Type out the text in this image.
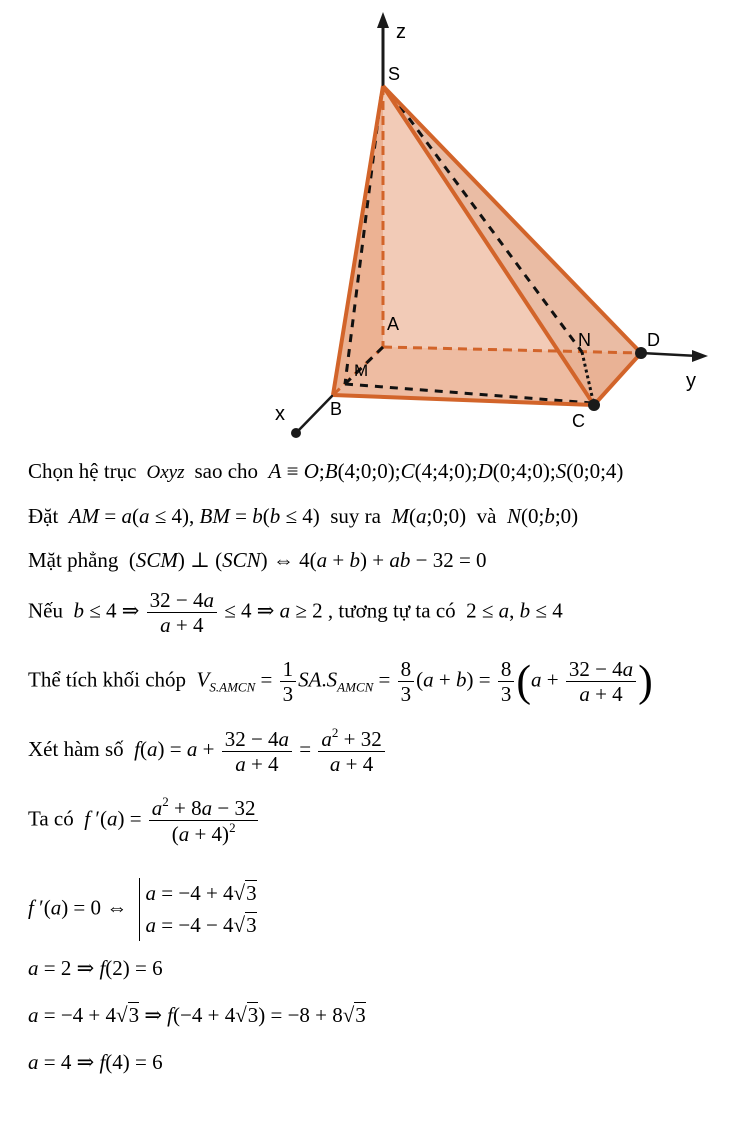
z
S
A
M
N	D
y
B
C
x
Chọn hệ trục  Oxyz  sao cho  A ≡ O;B(4;0;0);C(4;4;0);D(0;4;0);S(0;0;4)
Đặt AM = a(a ≤ 4), BM = b(b ≤ 4)  suy ra M(a;0;0)  và N(0;b;0)
Mặt phẳng  (SCM) ⊥ (SCN) ⇔ 4(a + b) + ab − 32 = 0
Nếu b ≤ 4 ⇒ $\frac{32 - 4a}{a + 4} \le 4$ ⇒ a ≥ 2 , tương tự ta có  2 ≤ a, b ≤ 4
Thể tích khối chóp $V_{S.AMCN} = \frac{1}{3} SA.S_{AMCN} = \frac{8}{3} (a + b) = \frac{8}{3} (a + \frac{32 - 4a}{a + 4}$ )
Xét hàm số $f(a) = a + \frac{32 - 4a}{a + 4} = \frac{a^2 + 32}{a + 4}$
Ta có f $'(a) = \frac{a^2 + 8a - 32}{(a + 4)^2}$
f ′(a) = 0 ⇔
a = −4 + 4√3
a = −4 − 4√3
a = 2 ⇒ f(2) = 6
a = −4 + 4√3 ⇒ f(−4 + 4√3) = −8 + 8√3
a = 4 ⇒ f(4) = 6
